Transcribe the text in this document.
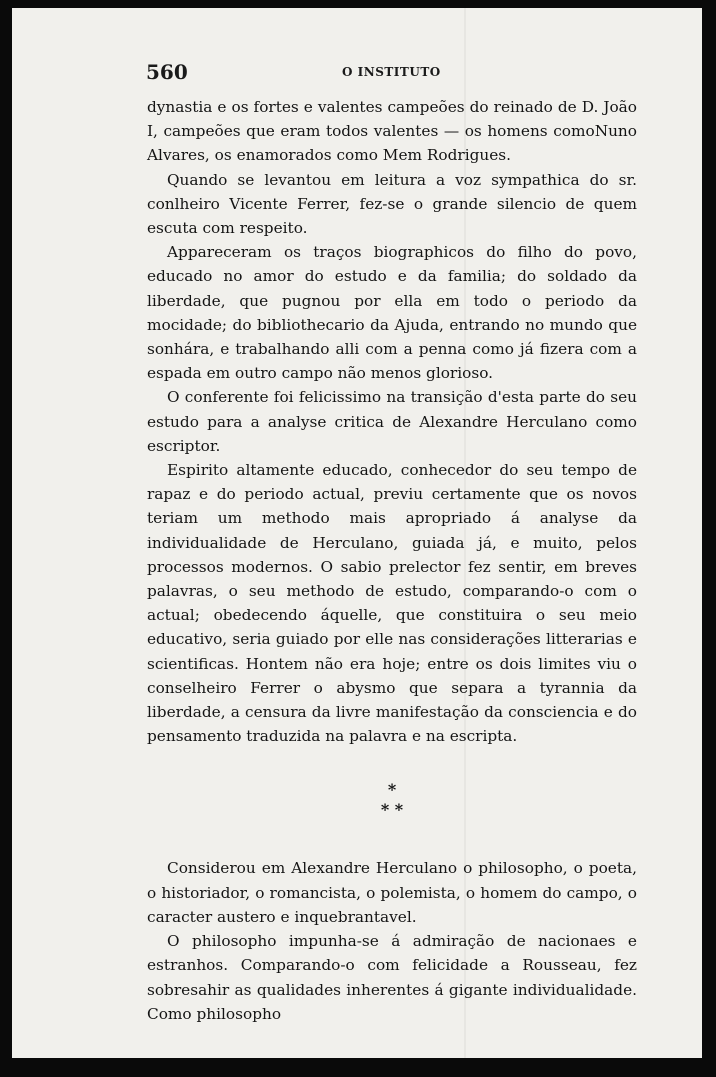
560	O INSTITUTO

dynastia e os fortes e valentes campeões do reinado de D. João I, campeões que eram todos valentes — os homens comoNuno Alvares, os enamorados como Mem Rodrigues.

Quando se levantou em leitura a voz sympathica do sr. conlheiro Vicente Ferrer, fez-se o grande silencio de quem escuta com respeito.

Appareceram os traços biographicos do filho do povo, educado no amor do estudo e da familia; do soldado da liberdade, que pugnou por ella em todo o periodo da mocidade; do bibliothecario da Ajuda, entrando no mundo que sonhára, e trabalhando alli com a penna como já fizera com a espada em outro campo não menos glorioso.

O conferente foi felicissimo na transição d'esta parte do seu estudo para a analyse critica de Alexandre Herculano como escriptor.

Espirito altamente educado, conhecedor do seu tempo de rapaz e do periodo actual, previu certamente que os novos teriam um methodo mais apropriado á analyse da individualidade de Herculano, guiada já, e muito, pelos processos modernos. O sabio prelector fez sentir, em breves palavras, o seu methodo de estudo, comparando-o com o actual; obedecendo áquelle, que constituira o seu meio educativo, seria guiado por elle nas considerações litterarias e scientificas. Hontem não era hoje; entre os dois limites viu o conselheiro Ferrer o abysmo que separa a tyrannia da liberdade, a censura da livre manifestação da consciencia e do pensamento traduzida na palavra e na escripta.

*
* *

Considerou em Alexandre Herculano o philosopho, o poeta, o historiador, o romancista, o polemista, o homem do campo, o caracter austero e inquebrantavel.

O philosopho impunha-se á admiração de nacionaes e estranhos. Comparando-o com felicidade a Rousseau, fez sobresahir as qualidades inherentes á gigante individualidade. Como philosopho
